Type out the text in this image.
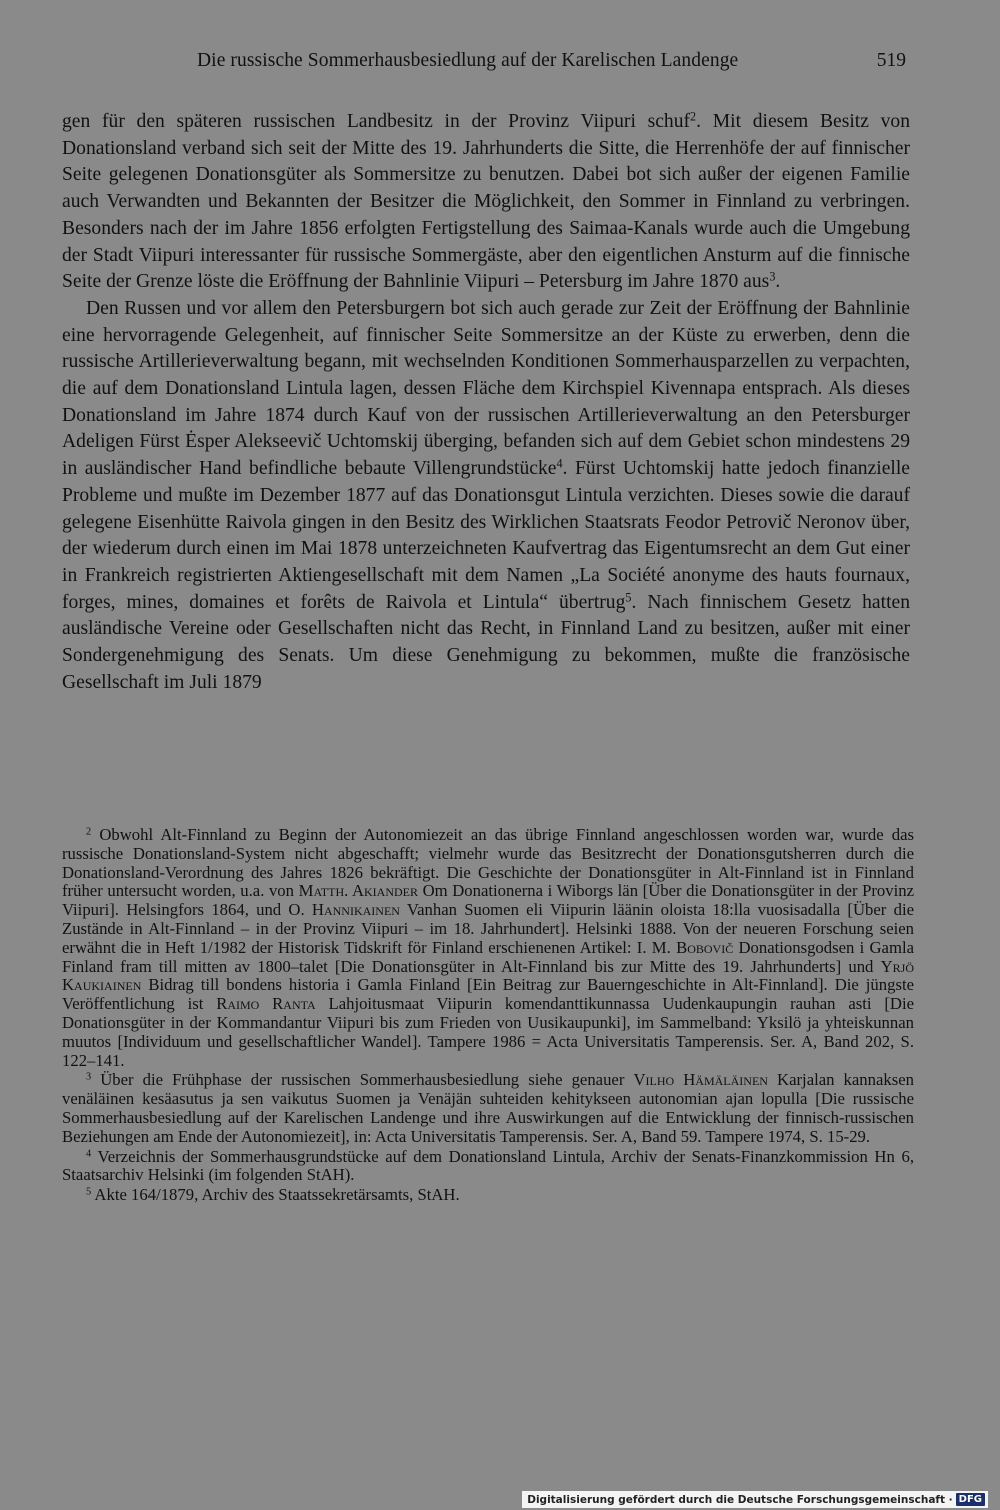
Die russische Sommerhausbesiedlung auf der Karelischen Landenge	519

gen für den späteren russischen Landbesitz in der Provinz Viipuri schuf$^2$. Mit diesem Besitz von Donationsland verband sich seit der Mitte des 19. Jahrhunderts die Sitte, die Herrenhöfe der auf finnischer Seite gelegenen Donationsgüter als Sommersitze zu benutzen. Dabei bot sich außer der eigenen Familie auch Verwandten und Bekannten der Besitzer die Möglichkeit, den Sommer in Finnland zu verbringen. Besonders nach der im Jahre 1856 erfolgten Fertigstellung des Saimaa-Kanals wurde auch die Umgebung der Stadt Viipuri interessanter für russische Sommergäste, aber den eigentlichen Ansturm auf die finnische Seite der Grenze löste die Eröffnung der Bahnlinie Viipuri – Petersburg im Jahre 1870 aus$^3$.

Den Russen und vor allem den Petersburgern bot sich auch gerade zur Zeit der Eröffnung der Bahnlinie eine hervorragende Gelegenheit, auf finnischer Seite Sommersitze an der Küste zu erwerben, denn die russische Artillerieverwaltung begann, mit wechselnden Konditionen Sommerhausparzellen zu verpachten, die auf dem Donationsland Lintula lagen, dessen Fläche dem Kirchspiel Kivennapa entsprach. Als dieses Donationsland im Jahre 1874 durch Kauf von der russischen Artillerieverwaltung an den Petersburger Adeligen Fürst Ėsper Alekseevič Uchtomskij überging, befanden sich auf dem Gebiet schon mindestens 29 in ausländischer Hand befindliche bebaute Villengrundstücke$^4$. Fürst Uchtomskij hatte jedoch finanzielle Probleme und mußte im Dezember 1877 auf das Donationsgut Lintula verzichten. Dieses sowie die darauf gelegene Eisenhütte Raivola gingen in den Besitz des Wirklichen Staatsrats Feodor Petrovič Neronov über, der wiederum durch einen im Mai 1878 unterzeichneten Kaufvertrag das Eigentumsrecht an dem Gut einer in Frankreich registrierten Aktiengesellschaft mit dem Namen „La Société anonyme des hauts fournaux, forges, mines, domaines et forêts de Raivola et Lintula“ übertrug$^5$. Nach finnischem Gesetz hatten ausländische Vereine oder Gesellschaften nicht das Recht, in Finnland Land zu besitzen, außer mit einer Sondergenehmigung des Senats. Um diese Genehmigung zu bekommen, mußte die französische Gesellschaft im Juli 1879

$^2$ Obwohl Alt-Finnland zu Beginn der Autonomiezeit an das übrige Finnland angeschlossen worden war, wurde das russische Donationsland-System nicht abgeschafft; vielmehr wurde das Besitzrecht der Donationsgutsherren durch die Donationsland-Verordnung des Jahres 1826 bekräftigt. Die Geschichte der Donationsgüter in Alt-Finnland ist in Finnland früher untersucht worden, u.a. von Matth. Akiander Om Donationerna i Wiborgs län [Über die Donationsgüter in der Provinz Viipuri]. Helsingfors 1864, und O. Hannikainen Vanhan Suomen eli Viipurin läänin oloista 18:lla vuosisadalla [Über die Zustände in Alt-Finnland – in der Provinz Viipuri – im 18. Jahrhundert]. Helsinki 1888. Von der neueren Forschung seien erwähnt die in Heft 1/1982 der Historisk Tidskrift för Finland erschienenen Artikel: I. M. Bobovič Donationsgodsen i Gamla Finland fram till mitten av 1800–talet [Die Donationsgüter in Alt-Finnland bis zur Mitte des 19. Jahrhunderts] und Yrjö Kaukiainen Bidrag till bondens historia i Gamla Finland [Ein Beitrag zur Bauerngeschichte in Alt-Finnland]. Die jüngste Veröffentlichung ist Raimo Ranta Lahjoitusmaat Viipurin komendanttikunnassa Uudenkaupungin rauhan asti [Die Donationsgüter in der Kommandantur Viipuri bis zum Frieden von Uusikaupunki], im Sammelband: Yksilö ja yhteiskunnan muutos [Individuum und gesellschaftlicher Wandel]. Tampere 1986 = Acta Universitatis Tamperensis. Ser. A, Band 202, S. 122–141.

$^3$ Über die Frühphase der russischen Sommerhausbesiedlung siehe genauer Vilho Hämäläinen Karjalan kannaksen venäläinen kesäasutus ja sen vaikutus Suomen ja Venäjän suhteiden kehitykseen autonomian ajan lopulla [Die russische Sommerhausbesiedlung auf der Karelischen Landenge und ihre Auswirkungen auf die Entwicklung der finnisch-russischen Beziehungen am Ende der Autonomiezeit], in: Acta Universitatis Tamperensis. Ser. A, Band 59. Tampere 1974, S. 15-29.

$^4$ Verzeichnis der Sommerhausgrundstücke auf dem Donationsland Lintula, Archiv der Senats-Finanzkommission Hn 6, Staatsarchiv Helsinki (im folgenden StAH).

$^5$ Akte 164/1879, Archiv des Staatssekretärsamts, StAH.

Digitalisierung gefördert durch die Deutsche Forschungsgemeinschaft · DFG
